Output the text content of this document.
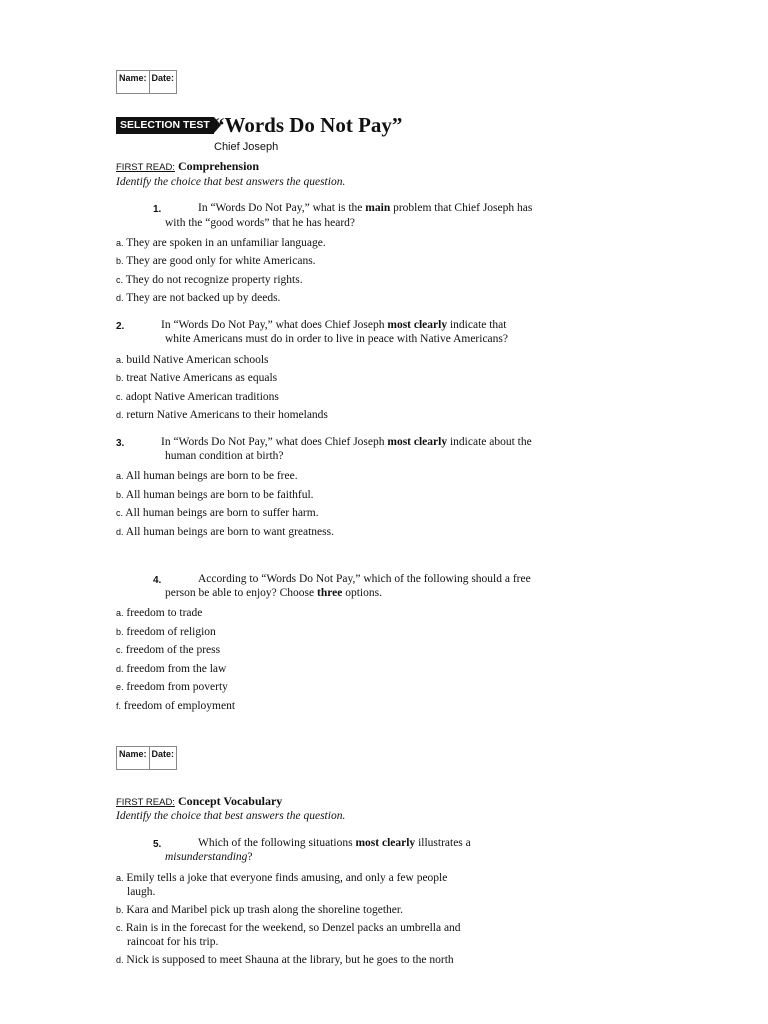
Name: Date:
SELECTION TEST “Words Do Not Pay”
Chief Joseph
FIRST READ: Comprehension
Identify the choice that best answers the question.
1.	In “Words Do Not Pay,” what is the main problem that Chief Joseph has
with the “good words” that he has heard?
a. They are spoken in an unfamiliar language.
b. They are good only for white Americans.
c. They do not recognize property rights.
d. They are not backed up by deeds.
2.	In “Words Do Not Pay,” what does Chief Joseph most clearly indicate that
white Americans must do in order to live in peace with Native Americans?
a. build Native American schools
b. treat Native Americans as equals
c. adopt Native American traditions
d. return Native Americans to their homelands
3.	In “Words Do Not Pay,” what does Chief Joseph most clearly indicate about the
human condition at birth?
a. All human beings are born to be free.
b. All human beings are born to be faithful.
c. All human beings are born to suffer harm.
d. All human beings are born to want greatness.
4.	According to “Words Do Not Pay,” which of the following should a free
person be able to enjoy? Choose three options.
a. freedom to trade
b. freedom of religion
c. freedom of the press
d. freedom from the law
e. freedom from poverty
f. freedom of employment
Name: Date:
FIRST READ: Concept Vocabulary
Identify the choice that best answers the question.
5.	Which of the following situations most clearly illustrates a
misunderstanding?
a. Emily tells a joke that everyone finds amusing, and only a few people
laugh.
b. Kara and Maribel pick up trash along the shoreline together.
c. Rain is in the forecast for the weekend, so Denzel packs an umbrella and
raincoat for his trip.
d. Nick is supposed to meet Shauna at the library, but he goes to the north
